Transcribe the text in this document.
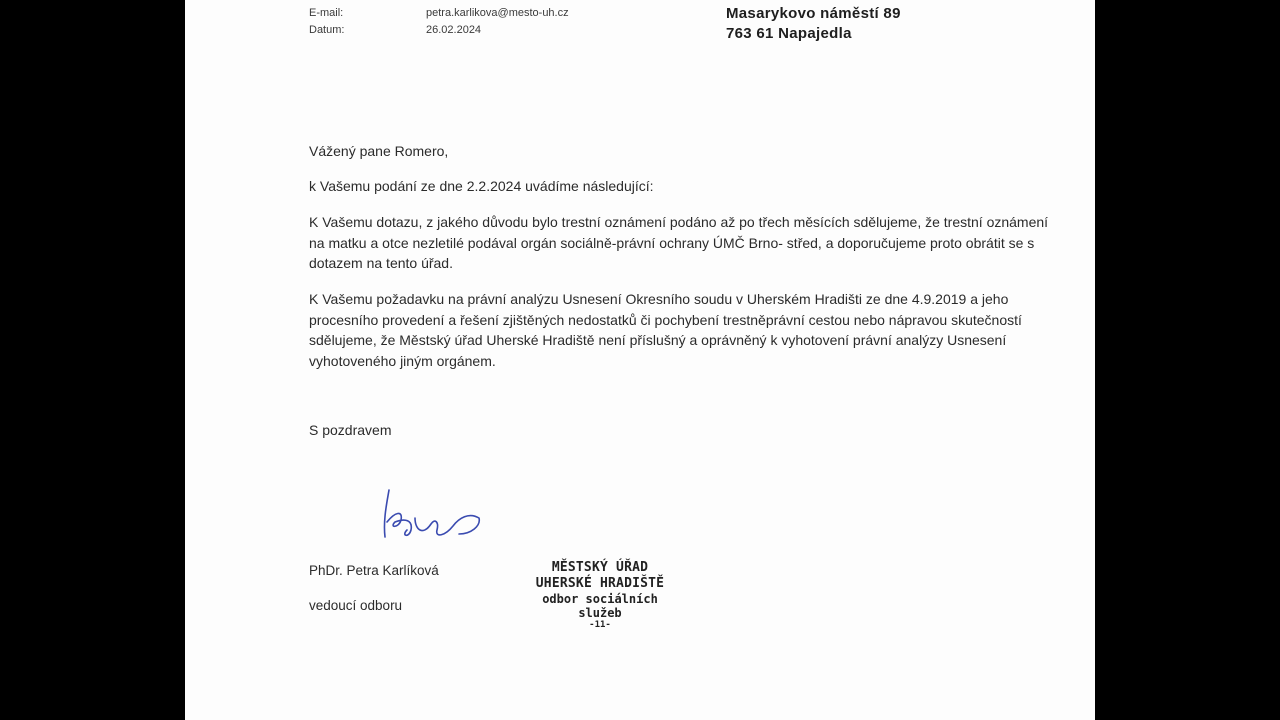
E-mail:	petra.karlikova@mesto-uh.cz
Datum:	26.02.2024
Masarykovo náměstí 89
763 61 Napajedla

Vážený pane Romero,

k Vašemu podání ze dne 2.2.2024 uvádíme následující:

K Vašemu dotazu, z jakého důvodu bylo trestní oznámení podáno až po třech měsících sdělujeme, že trestní oznámení na matku a otce nezletilé podával orgán sociálně-právní ochrany ÚMČ Brno- střed, a doporučujeme proto obrátit se s dotazem na tento úřad.

K Vašemu požadavku na právní analýzu Usnesení Okresního soudu v Uherském Hradišti ze dne 4.9.2019 a jeho procesního provedení a řešení zjištěných nedostatků či pochybení trestněprávní cestou nebo nápravou skutečností sdělujeme, že Městský úřad Uherské Hradiště není příslušný a oprávněný k vyhotovení právní analýzy Usnesení vyhotoveného jiným orgánem.

S pozdravem

PhDr. Petra Karlíková
vedoucí odboru
MĚSTSKÝ ÚŘAD
UHERSKÉ HRADIŠTĚ
odbor sociálních
služeb
-11-
